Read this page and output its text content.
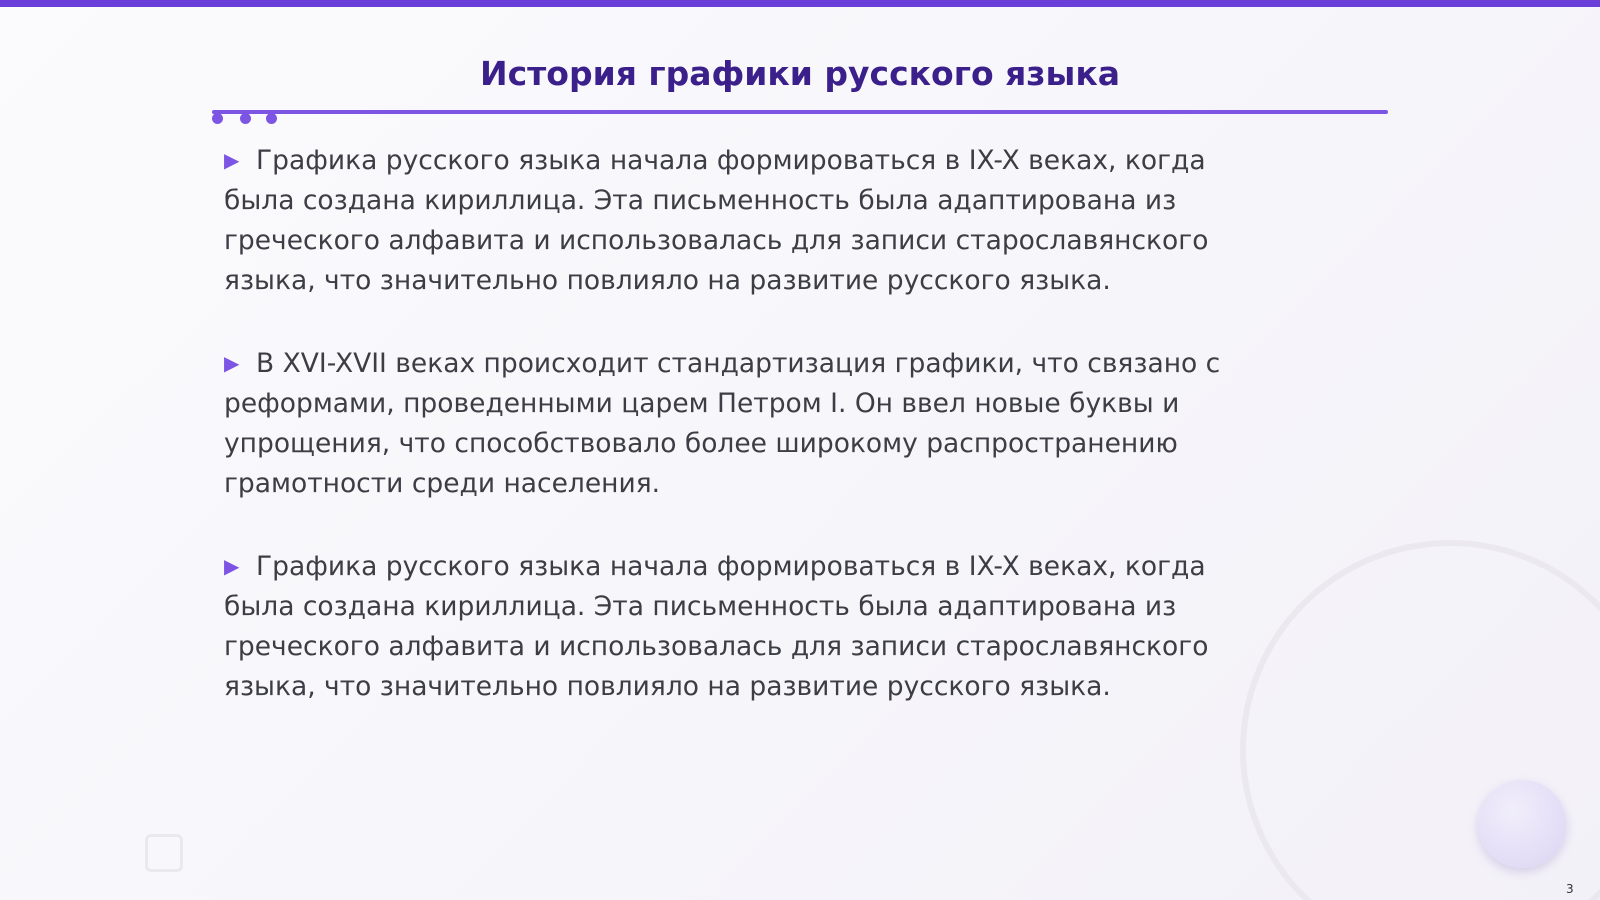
История графики русского языка
▶ Графика русского языка начала формироваться в IX-X веках, когда была создана кириллица. Эта письменность была адаптирована из греческого алфавита и использовалась для записи старославянского языка, что значительно повлияло на развитие русского языка.
▶ В XVI-XVII веках происходит стандартизация графики, что связано с реформами, проведенными царем Петром I. Он ввел новые буквы и упрощения, что способствовало более широкому распространению грамотности среди населения.
▶ Графика русского языка начала формироваться в IX-X веках, когда была создана кириллица. Эта письменность была адаптирована из греческого алфавита и использовалась для записи старославянского языка, что значительно повлияло на развитие русского языка.
3
